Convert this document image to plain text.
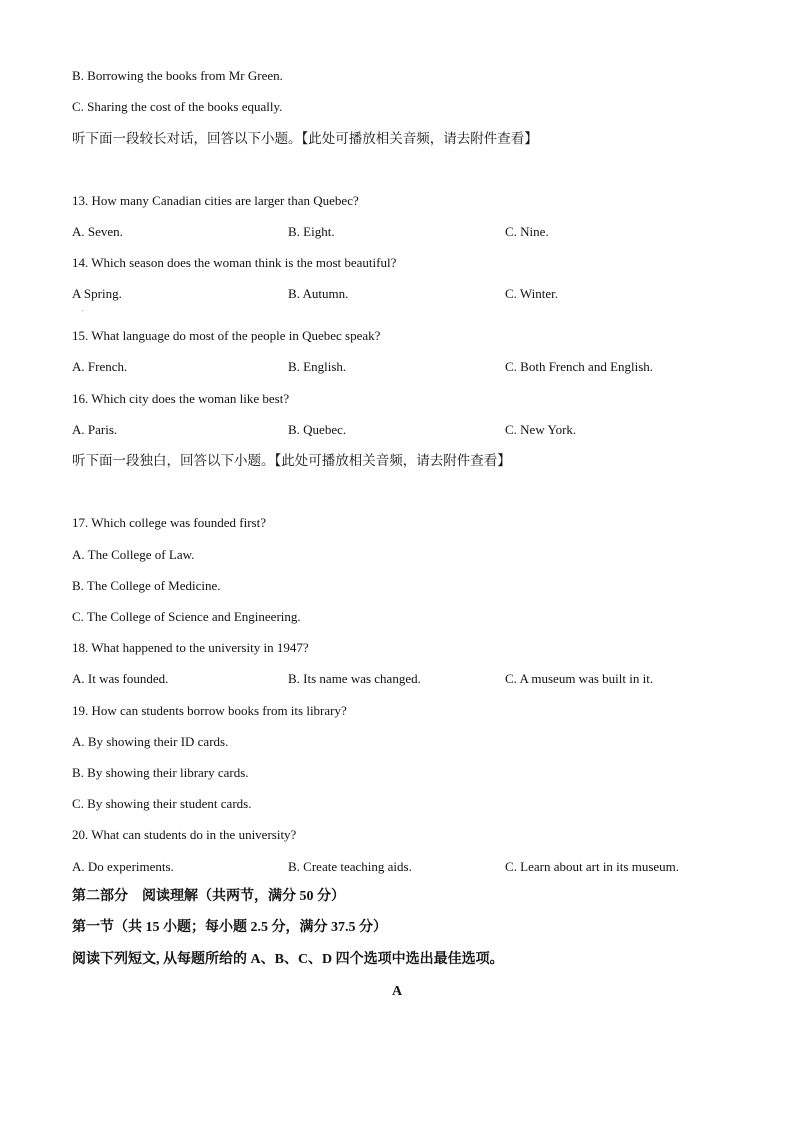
B. Borrowing the books from Mr Green.
C. Sharing the cost of the books equally.
听下面一段较长对话，回答以下小题。【此处可播放相关音频，请去附件查看】
13. How many Canadian cities are larger than Quebec?
A. Seven.	B. Eight.	C. Nine.
14. Which season does the woman think is the most beautiful?
A Spring.	B. Autumn.	C. Winter.
.
15. What language do most of the people in Quebec speak?
A. French.	B. English.	C. Both French and English.
16. Which city does the woman like best?
A. Paris.	B. Quebec.	C. New York.
听下面一段独白，回答以下小题。【此处可播放相关音频，请去附件查看】
17. Which college was founded first?
A. The College of Law.
B. The College of Medicine.
C. The College of Science and Engineering.
18. What happened to the university in 1947?
A. It was founded.	B. Its name was changed.	C. A museum was built in it.
19. How can students borrow books from its library?
A. By showing their ID cards.
B. By showing their library cards.
C. By showing their student cards.
20. What can students do in the university?
A. Do experiments.	B. Create teaching aids.	C. Learn about art in its museum.
第二部分　阅读理解（共两节，满分 50 分）
第一节（共 15 小题；每小题 2.5 分，满分 37.5 分）
阅读下列短文, 从每题所给的 A、B、C、D 四个选项中选出最佳选项。
A
